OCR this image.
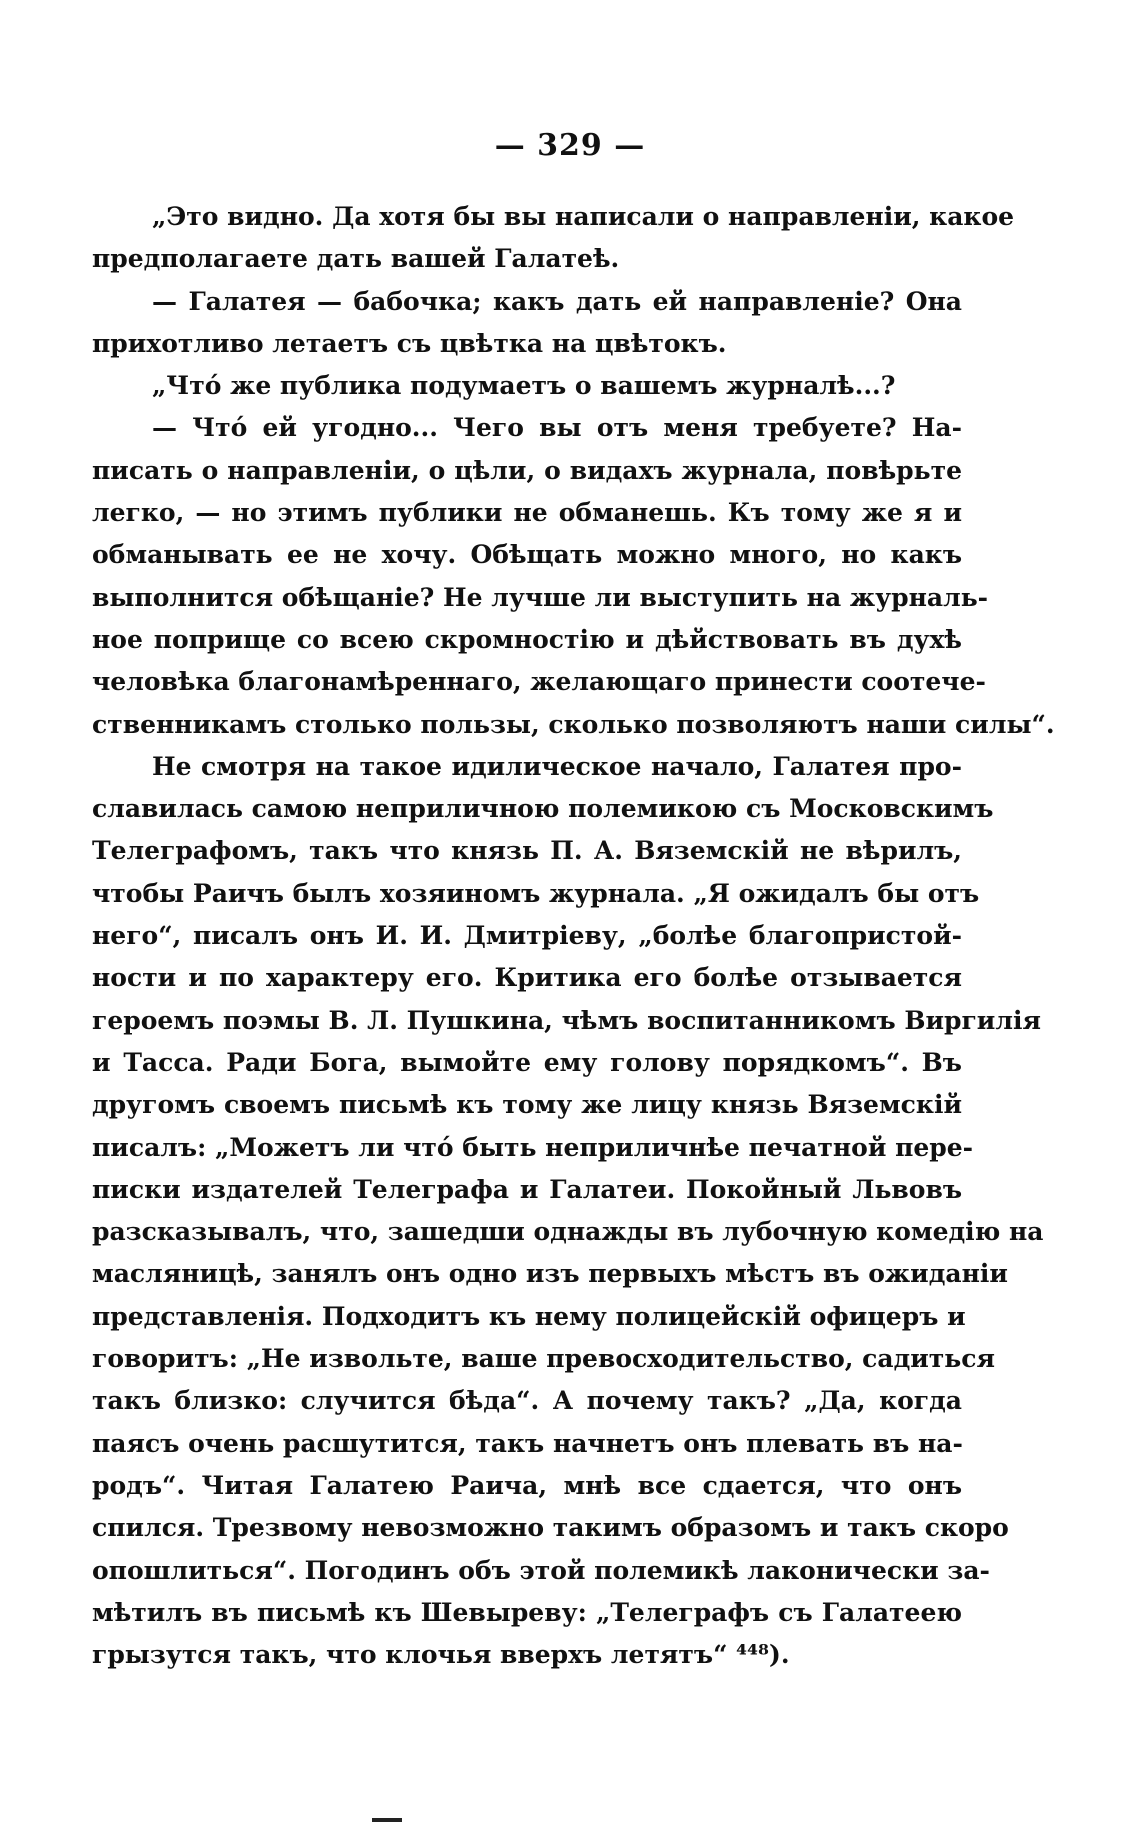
— 329 —
„Это видно. Да хотя бы вы написали о направленіи, какое
предполагаете дать вашей Галатеѣ.
— Галатея — бабочка; какъ дать ей направленіе? Она
прихотливо летаетъ съ цвѣтка на цвѣтокъ.
„Чтó же публика подумаетъ о вашемъ журналѣ...?
— Чтó ей угодно... Чего вы отъ меня требуете? На-
писать о направленіи, о цѣли, о видахъ журнала, повѣрьте
легко, — но этимъ публики не обманешь. Къ тому же я и
обманывать ее не хочу. Обѣщать можно много, но какъ
выполнится обѣщаніе? Не лучше ли выступить на журналь-
ное поприще со всею скромностію и дѣйствовать въ духѣ
человѣка благонамѣреннаго, желающаго принести соотече-
ственникамъ столько пользы, сколько позволяютъ наши силы“.
Не смотря на такое идилическое начало, Галатея про-
славилась самою неприличною полемикою съ Московскимъ
Телеграфомъ, такъ что князь П. А. Вяземскій не вѣрилъ,
чтобы Раичъ былъ хозяиномъ журнала. „Я ожидалъ бы отъ
него“, писалъ онъ И. И. Дмитріеву, „болѣе благопристой-
ности и по характеру его. Критика его болѣе отзывается
героемъ поэмы В. Л. Пушкина, чѣмъ воспитанникомъ Виргилія
и Тасса. Ради Бога, вымойте ему голову порядкомъ“. Въ
другомъ своемъ письмѣ къ тому же лицу князь Вяземскій
писалъ: „Можетъ ли чтó быть неприличнѣе печатной пере-
писки издателей Телеграфа и Галатеи. Покойный Львовъ
разсказывалъ, что, зашедши однажды въ лубочную комедію на
масляницѣ, занялъ онъ одно изъ первыхъ мѣстъ въ ожиданіи
представленія. Подходитъ къ нему полицейскій офицеръ и
говоритъ: „Не извольте, ваше превосходительство, садиться
такъ близко: случится бѣда“. А почему такъ? „Да, когда
паясъ очень расшутится, такъ начнетъ онъ плевать въ на-
родъ“. Читая Галатею Раича, мнѣ все сдается, что онъ
спился. Трезвому невозможно такимъ образомъ и такъ скоро
опошлиться“. Погодинъ объ этой полемикѣ лаконически за-
мѣтилъ въ письмѣ къ Шевыреву: „Телеграфъ съ Галатеею
грызутся такъ, что клочья вверхъ летятъ“ ⁴⁴⁸).
